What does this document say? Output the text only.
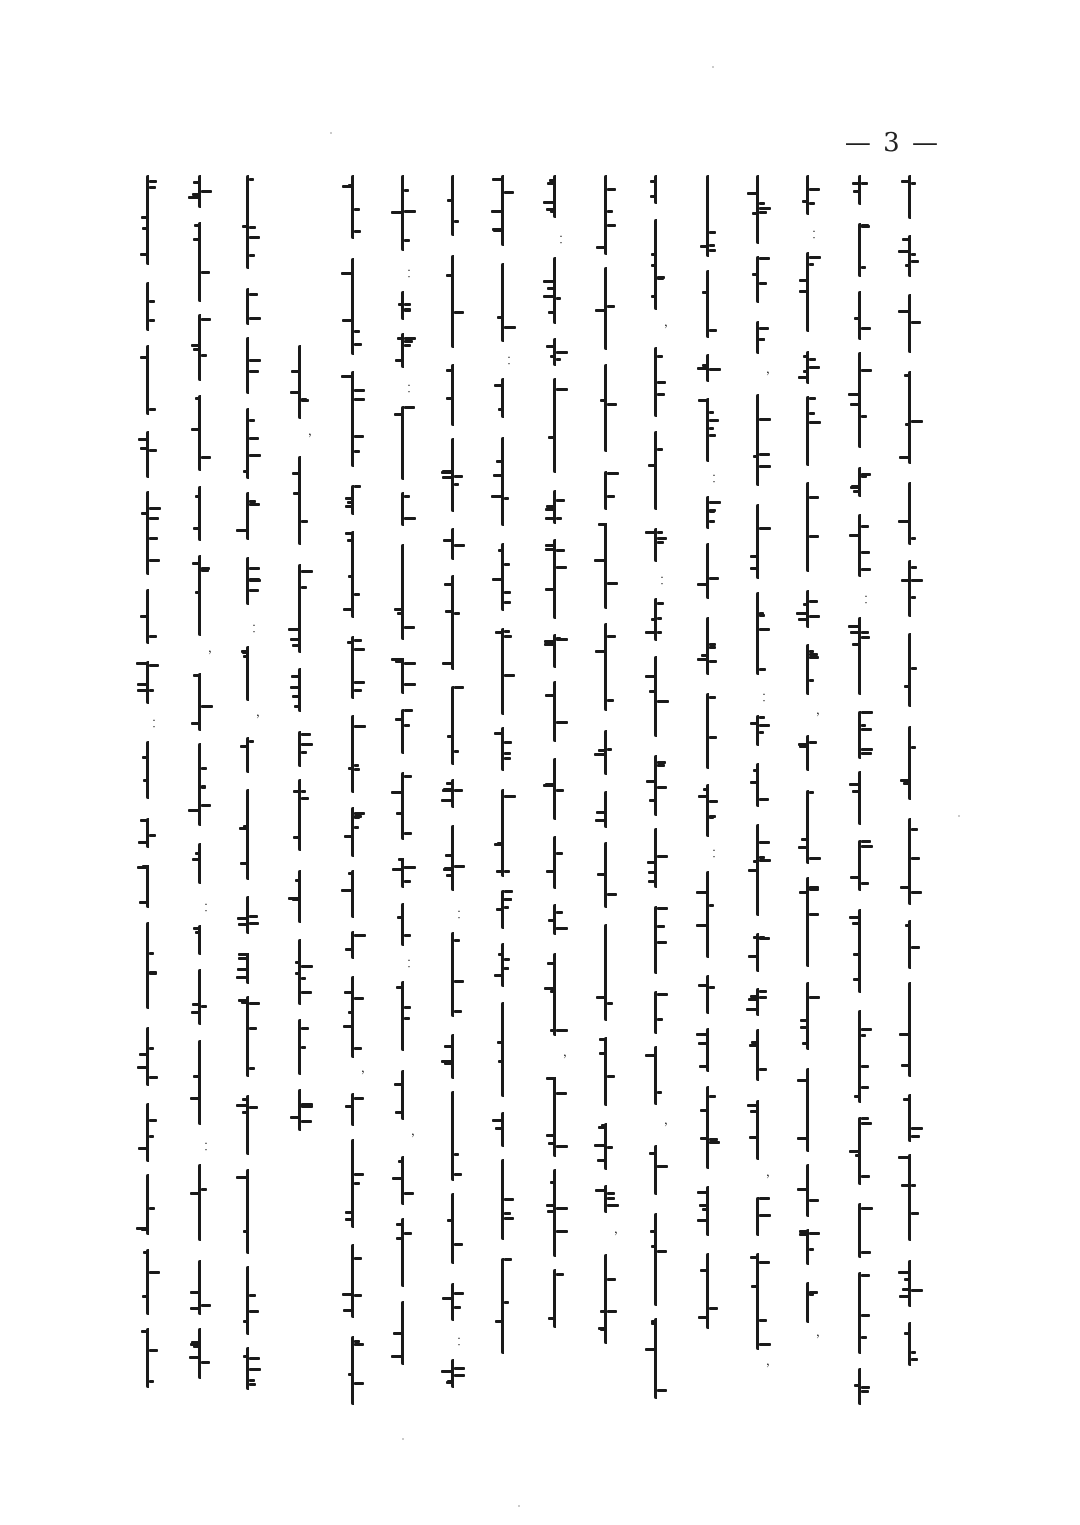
— 3 —
︰
︐
︰
︰
︰
︐
︐
︐
︰
︰
︰
︐
︰
︰
︰
︰
︐
︐
︐
︰
︐
︰
︰
︐
︰
︐
︐
︰
︐
︐
︰
